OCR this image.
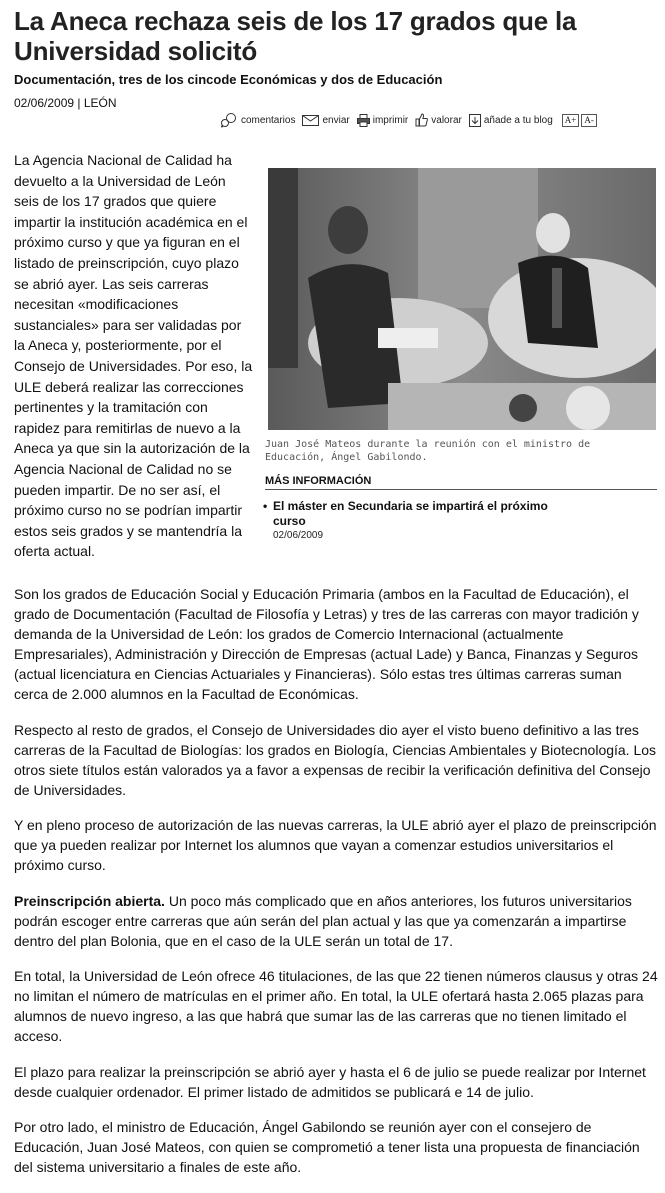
La Aneca rechaza seis de los 17 grados que la Universidad solicitó
Documentación, tres de los cincode Económicas y dos de Educación
02/06/2009 | LEÓN
comentarios	enviar imprimir valorar añade a tu blog	A+ A-

La Agencia Nacional de Calidad ha devuelto a la Universidad de León seis de los 17 grados que quiere impartir la institución académica en el próximo curso y que ya figuran en el listado de preinscripción, cuyo plazo se abrió ayer. Las seis carreras necesitan «modificaciones sustanciales» para ser validadas por la Aneca y, posteriormente, por el Consejo de Universidades. Por eso, la ULE deberá realizar las correcciones pertinentes y la tramitación con rapidez para remitirlas de nuevo a la Aneca ya que sin la autorización de la Agencia Nacional de Calidad no se pueden impartir. De no ser así, el próximo curso no se podrían impartir estos seis grados y se mantendría la oferta actual.

Juan José Mateos durante la reunión con el ministro de Educación, Ángel Gabilondo.
MÁS INFORMACIÓN
• El máster en Secundaria se impartirá el próximo curso
02/06/2009

Son los grados de Educación Social y Educación Primaria (ambos en la Facultad de Educación), el grado de Documentación (Facultad de Filosofía y Letras) y tres de las carreras con mayor tradición y demanda de la Universidad de León: los grados de Comercio Internacional (actualmente Empresariales), Administración y Dirección de Empresas (actual Lade) y Banca, Finanzas y Seguros (actual licenciatura en Ciencias Actuariales y Financieras). Sólo estas tres últimas carreras suman cerca de 2.000 alumnos en la Facultad de Económicas.

Respecto al resto de grados, el Consejo de Universidades dio ayer el visto bueno definitivo a las tres carreras de la Facultad de Biologías: los grados en Biología, Ciencias Ambientales y Biotecnología. Los otros siete títulos están valorados ya a favor a expensas de recibir la verificación definitiva del Consejo de Universidades.

Y en pleno proceso de autorización de las nuevas carreras, la ULE abrió ayer el plazo de preinscripción que ya pueden realizar por Internet los alumnos que vayan a comenzar estudios universitarios el próximo curso.

Preinscripción abierta. Un poco más complicado que en años anteriores, los futuros universitarios podrán escoger entre carreras que aún serán del plan actual y las que ya comenzarán a impartirse dentro del plan Bolonia, que en el caso de la ULE serán un total de 17.

En total, la Universidad de León ofrece 46 titulaciones, de las que 22 tienen números clausus y otras 24 no limitan el número de matrículas en el primer año. En total, la ULE ofertará hasta 2.065 plazas para alumnos de nuevo ingreso, a las que habrá que sumar las de las carreras que no tienen limitado el acceso.

El plazo para realizar la preinscripción se abrió ayer y hasta el 6 de julio se puede realizar por Internet desde cualquier ordenador. El primer listado de admitidos se publicará e 14 de julio.

Por otro lado, el ministro de Educación, Ángel Gabilondo se reunión ayer con el consejero de Educación, Juan José Mateos, con quien se comprometió a tener lista una propuesta de financiación del sistema universitario a finales de este año.
